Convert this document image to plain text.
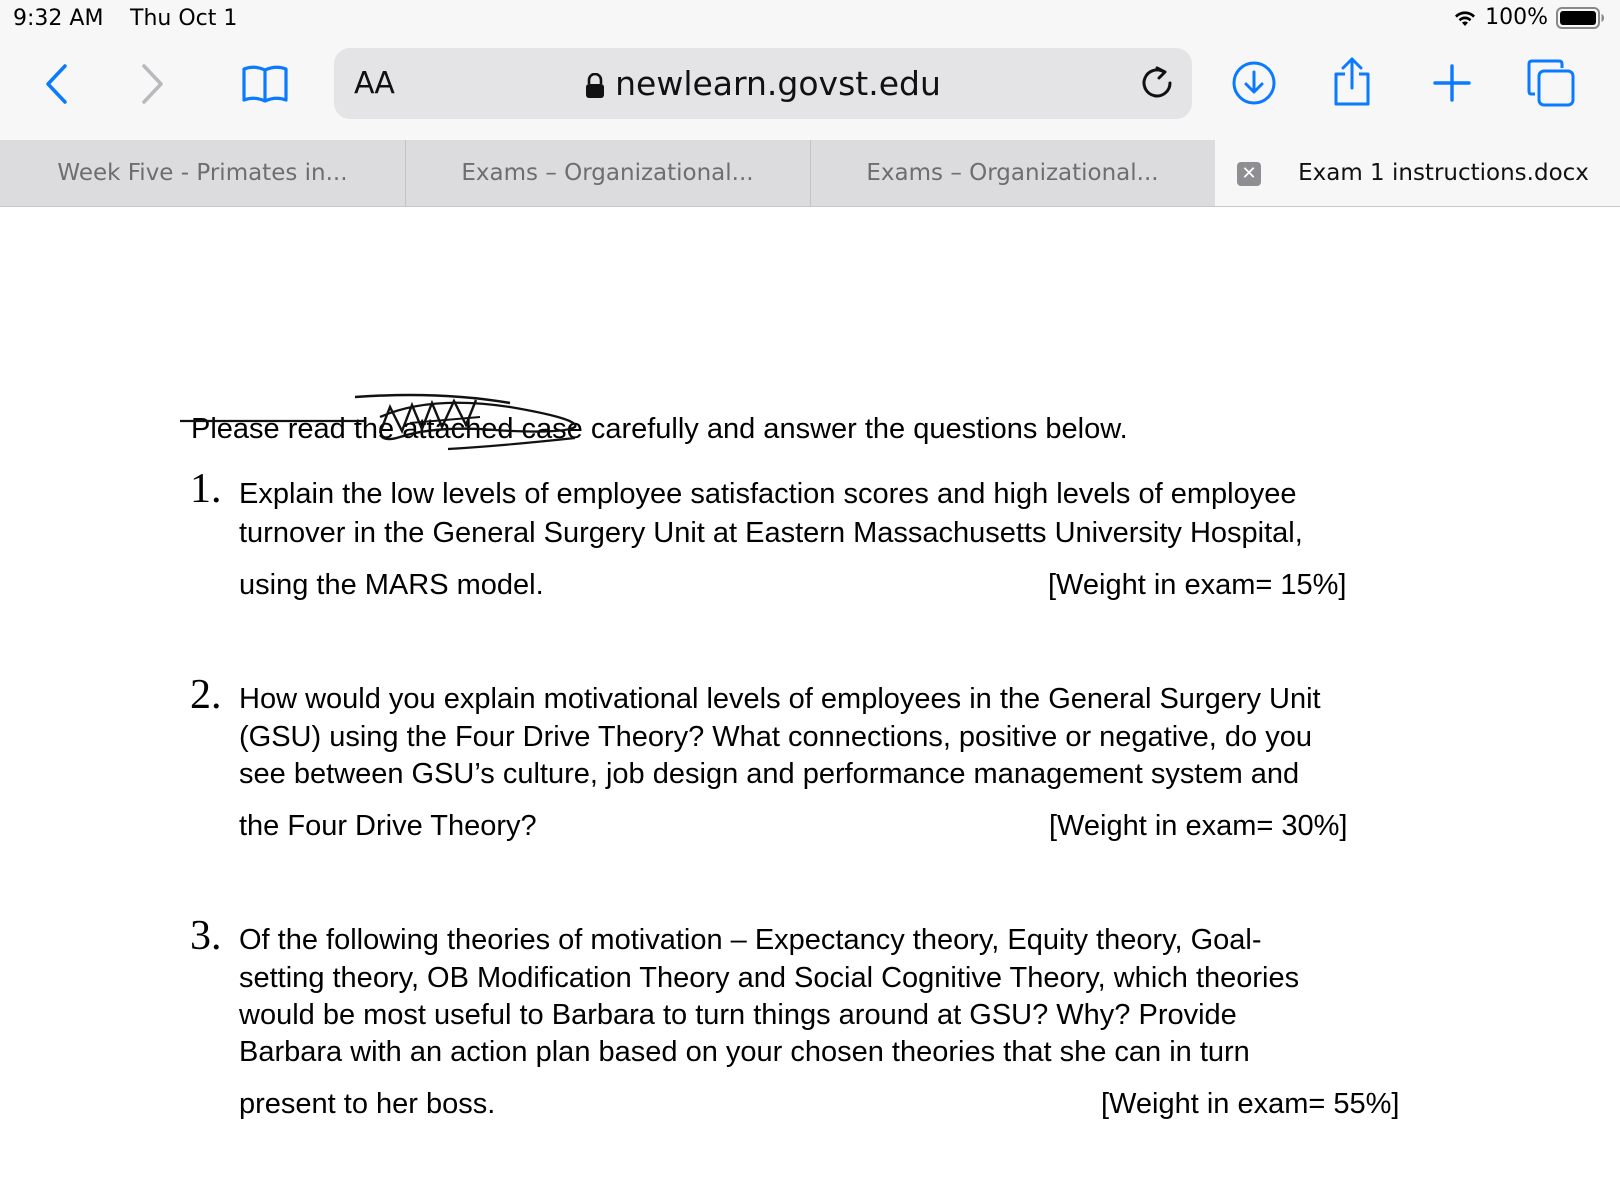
9:32 AM Thu Oct 1	100%
AA	newlearn.govst.edu
Week Five - Primates in...	Exams – Organizational...	Exams – Organizational...	✕ Exam 1 instructions.docx
Please read the attached case carefully and answer the questions below.
1. Explain the low levels of employee satisfaction scores and high levels of employee
turnover in the General Surgery Unit at Eastern Massachusetts University Hospital,
using the MARS model.	[Weight in exam= 15%]
2. How would you explain motivational levels of employees in the General Surgery Unit
(GSU) using the Four Drive Theory? What connections, positive or negative, do you
see between GSU’s culture, job design and performance management system and
the Four Drive Theory?	[Weight in exam= 30%]
3. Of the following theories of motivation – Expectancy theory, Equity theory, Goal-
setting theory, OB Modification Theory and Social Cognitive Theory, which theories
would be most useful to Barbara to turn things around at GSU? Why? Provide
Barbara with an action plan based on your chosen theories that she can in turn
present to her boss.	[Weight in exam= 55%]
